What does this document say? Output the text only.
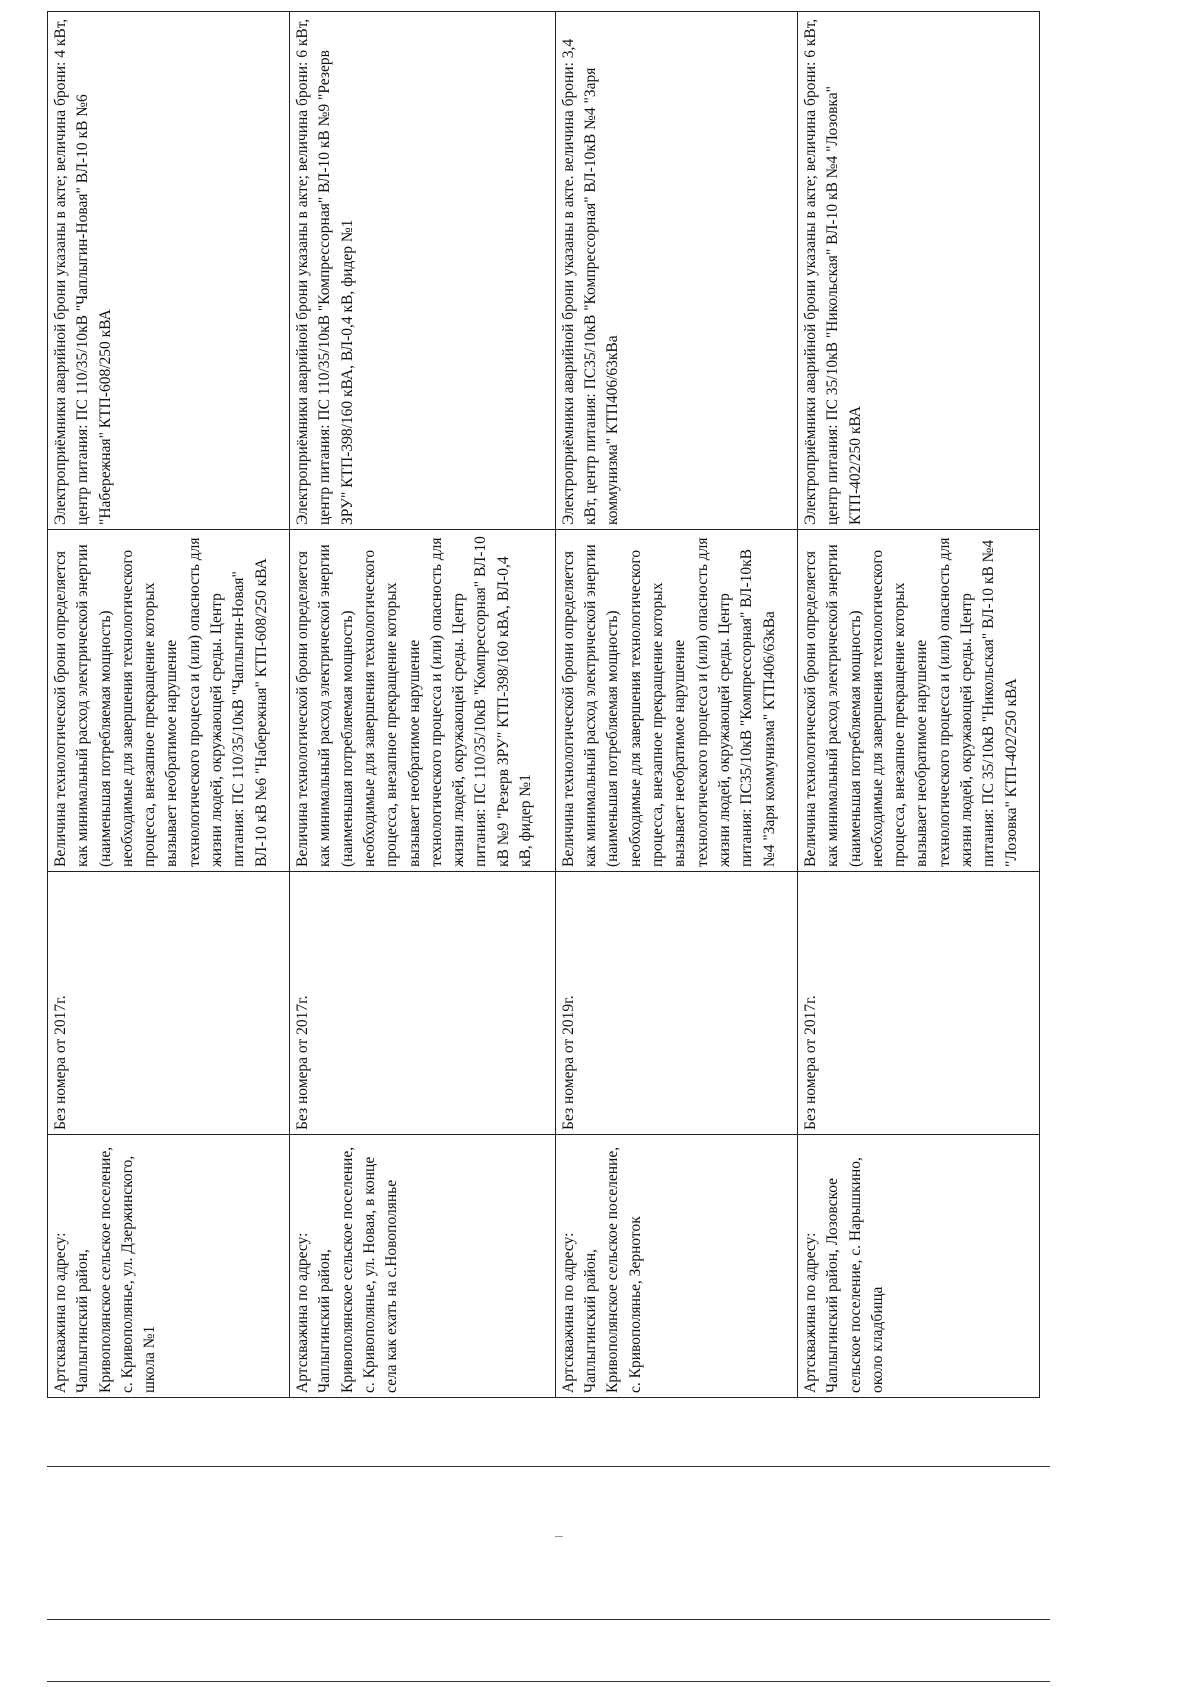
Артскважина по адресу: Чаплыгинский район, Кривополянское сельское поселение, с. Кривополянье, ул. Дзержинского, школа №1	Без номера от 2017г.	Величина технологической брони определяется как минимальный расход электрической энергии (наименьшая потребляемая мощность) необходимые для завершения технологического процесса, внезапное прекращение которых вызывает необратимое нарушение технологического процесса и (или) опасность для жизни людей, окружающей среды. Центр питания: ПС 110/35/10кВ "Чаплыгин-Новая" ВЛ-10 кВ №6 "Набережная" КТП-608/250 кВА	Электроприёмники аварийной брони указаны в акте; величина брони: 4 кВт, центр питания: ПС 110/35/10кВ "Чаплыгин-Новая" ВЛ-10 кВ №6 "Набережная" КТП-608/250 кВА
Артскважина по адресу: Чаплыгинский район, Кривополянское сельское поселение, с. Кривополянье, ул. Новая, в конце села как ехать на с.Новополянье	Без номера от 2017г.	Величина технологической брони определяется как минимальный расход электрической энергии (наименьшая потребляемая мощность) необходимые для завершения технологического процесса, внезапное прекращение которых вызывает необратимое нарушение технологического процесса и (или) опасность для жизни людей, окружающей среды. Центр питания: ПС 110/35/10кВ "Компрессорная" ВЛ-10 кВ №9 "Резерв ЗРУ" КТП-398/160 кВА, ВЛ-0,4 кВ, фидер №1	Электроприёмники аварийной брони указаны в акте; величина брони: 6 кВт, центр питания: ПС 110/35/10кВ "Компрессорная" ВЛ-10 кВ №9 "Резерв ЗРУ" КТП-398/160 кВА, ВЛ-0,4 кВ, фидер №1
Артскважина по адресу: Чаплыгинский район, Кривополянское сельское поселение, с. Кривополянье, Зерноток	Без номера от 2019г.	Величина технологической брони определяется как минимальный расход электрической энергии (наименьшая потребляемая мощность) необходимые для завершения технологического процесса, внезапное прекращение которых вызывает необратимое нарушение технологического процесса и (или) опасность для жизни людей, окружающей среды. Центр питания: ПС35/10кВ "Компрессорная" ВЛ-10кВ №4 "Заря коммунизма" КТП406/63кВа	Электроприёмники аварийной брони указаны в акте. величина брони: 3,4 кВт, центр питания: ПС35/10кВ "Компрессорная" ВЛ-10кВ №4 "Заря коммунизма" КТП406/63кВа
Артскважина по адресу: Чаплыгинский район, Лозовское сельское поселение, с. Нарышкино, около кладбища	Без номера от 2017г.	Величина технологической брони определяется как минимальный расход электрической энергии (наименьшая потребляемая мощность) необходимые для завершения технологического процесса, внезапное прекращение которых вызывает необратимое нарушение технологического процесса и (или) опасность для жизни людей, окружающей среды. Центр питания: ПС 35/10кВ "Никольская" ВЛ-10 кВ №4 "Лозовка" КТП-402/250 кВА	Электроприёмники аварийной брони указаны в акте; величина брони: 6 кВт, центр питания: ПС 35/10кВ "Никольская" ВЛ-10 кВ №4 "Лозовка" КТП-402/250 кВА
